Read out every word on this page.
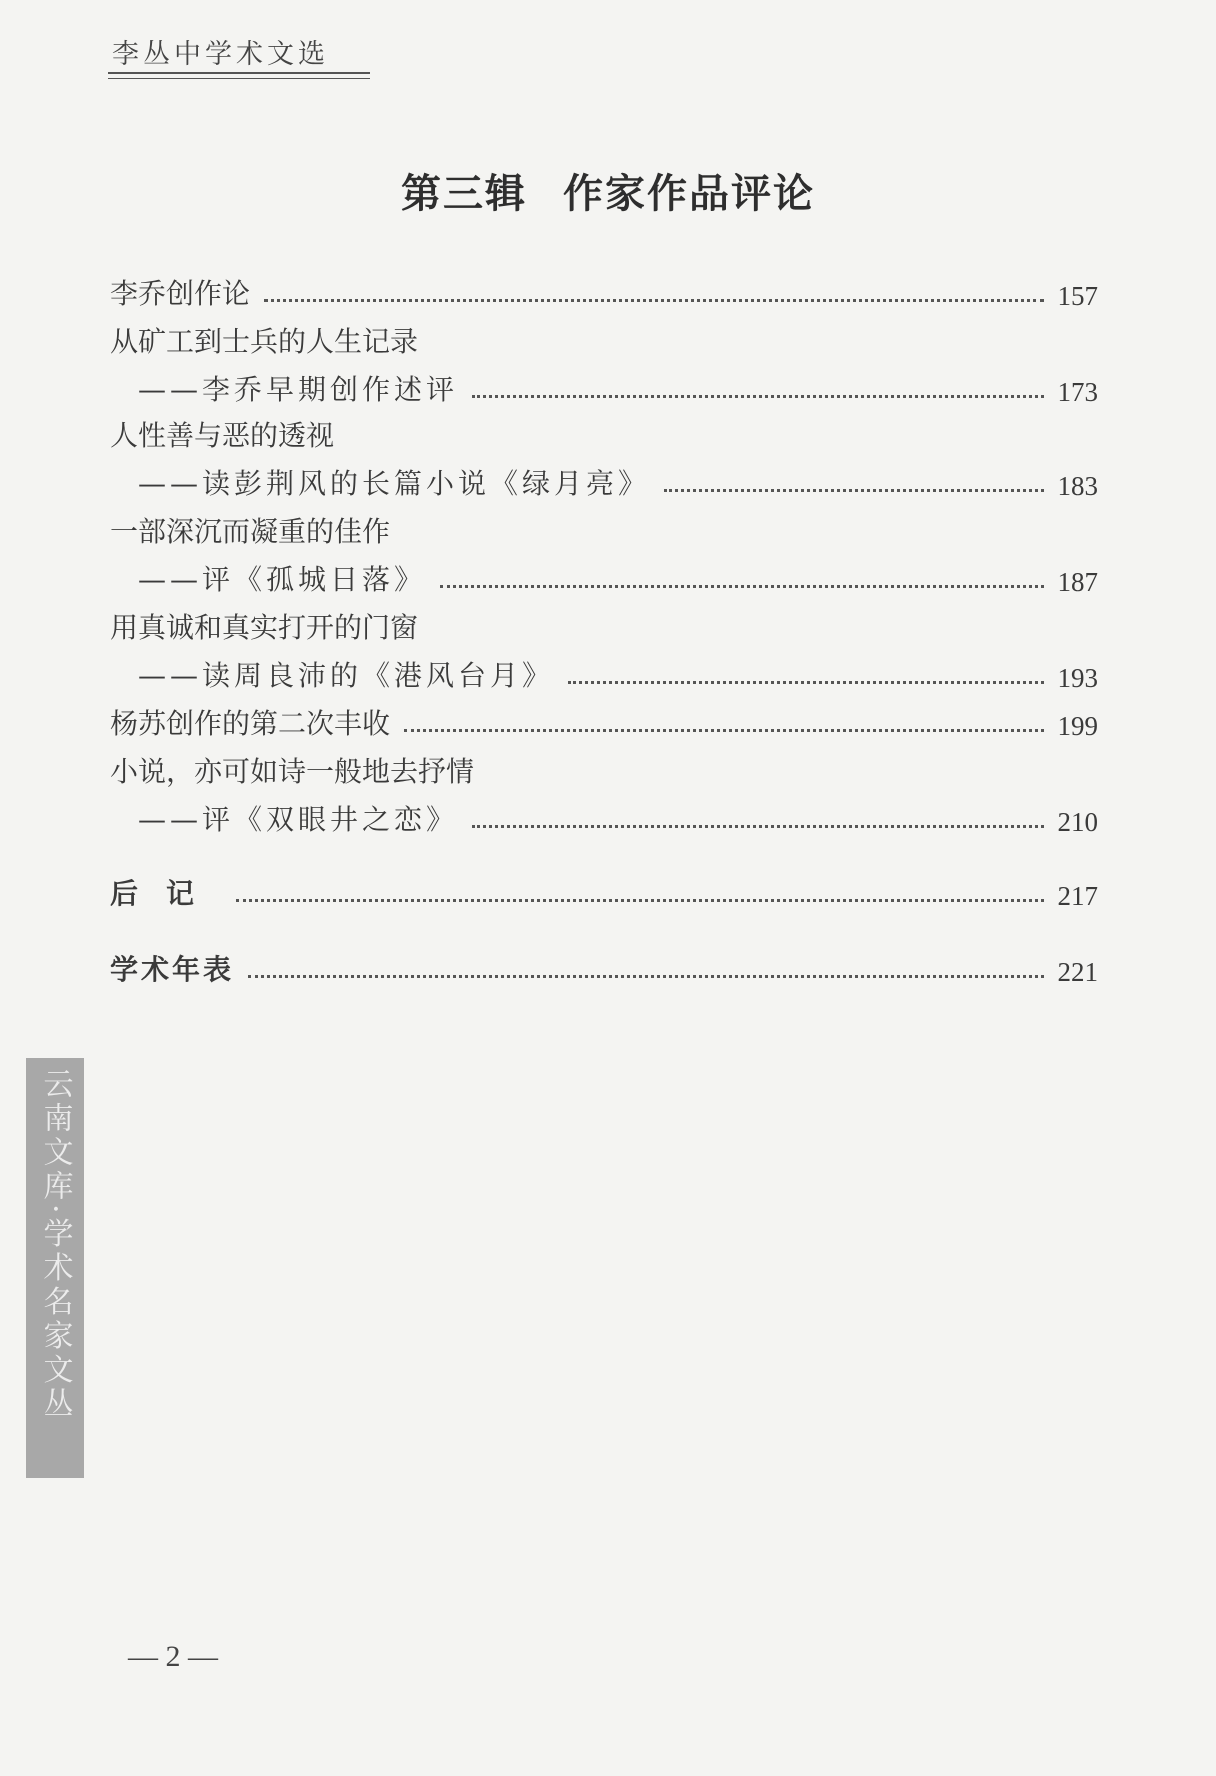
李丛中学术文选
第三辑 作家作品评论
李乔创作论	157
从矿工到士兵的人生记录
——李乔早期创作述评	173
人性善与恶的透视
——读彭荆风的长篇小说《绿月亮》	183
一部深沉而凝重的佳作
——评《孤城日落》	187
用真诚和真实打开的门窗
——读周良沛的《港风台月》	193
杨苏创作的第二次丰收	199
小说，亦可如诗一般地去抒情
——评《双眼井之恋》	210
后记	217
学术年表	221
云南文库·学术名家文丛
— 2 —
